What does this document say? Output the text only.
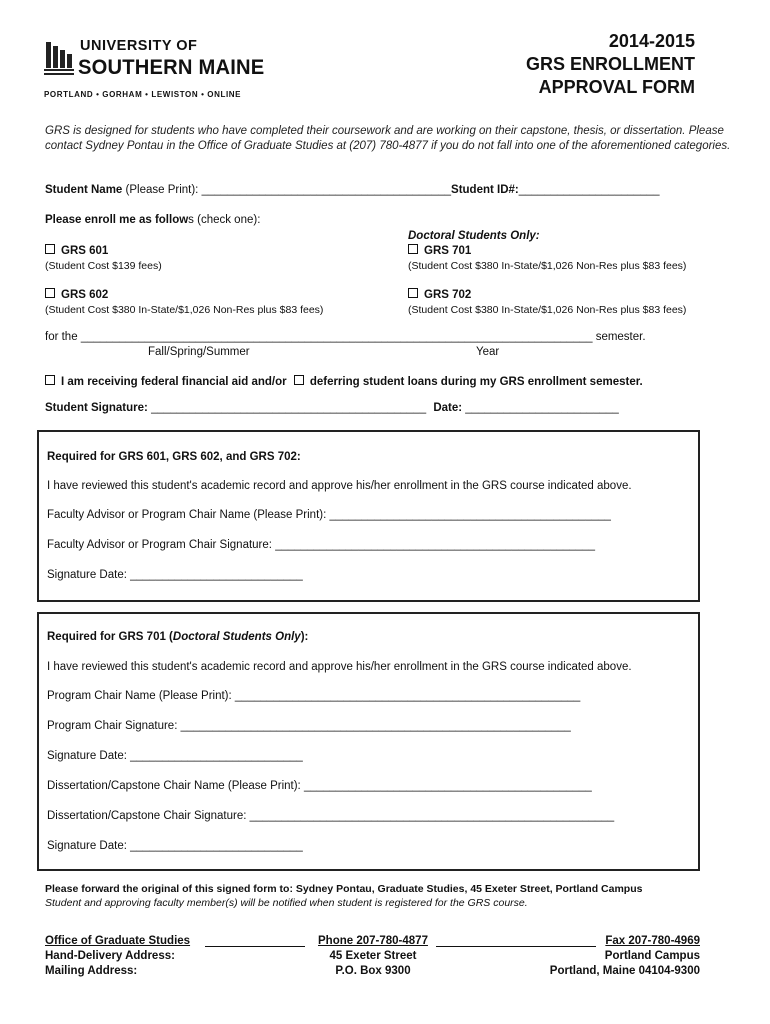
UNIVERSITY OF
SOUTHERN MAINE
PORTLAND • GORHAM • LEWISTON • ONLINE
2014-2015
GRS ENROLLMENT
APPROVAL FORM
GRS is designed for students who have completed their coursework and are working on their capstone, thesis, or dissertation. Please contact Sydney Pontau in the Office of Graduate Studies at (207) 780-4877 if you do not fall into one of the aforementioned categories.
Student Name (Please Print): _______________________________________Student ID#:______________________
Please enroll me as follows (check one):
Doctoral Students Only:
GRS 601
(Student Cost $139 fees)
GRS 701
(Student Cost $380 In-State/$1,026 Non-Res plus $83 fees)
GRS 602
(Student Cost $380 In-State/$1,026 Non-Res plus $83 fees)
GRS 702
(Student Cost $380 In-State/$1,026 Non-Res plus $83 fees)
for the ________________________________________________________________________________ semester.
Fall/Spring/Summer	Year
I am receiving federal financial aid and/or deferring student loans during my GRS enrollment semester.
Student Signature: ___________________________________________ Date: ________________________
Required for GRS 601, GRS 602, and GRS 702:
I have reviewed this student's academic record and approve his/her enrollment in the GRS course indicated above.
Faculty Advisor or Program Chair Name (Please Print): ____________________________________________
Faculty Advisor or Program Chair Signature: __________________________________________________
Signature Date: ___________________________
Required for GRS 701 (Doctoral Students Only):
I have reviewed this student's academic record and approve his/her enrollment in the GRS course indicated above.
Program Chair Name (Please Print): ______________________________________________________
Program Chair Signature: _____________________________________________________________
Signature Date: ___________________________
Dissertation/Capstone Chair Name (Please Print): _____________________________________________
Dissertation/Capstone Chair Signature: _________________________________________________________
Signature Date: ___________________________
Please forward the original of this signed form to: Sydney Pontau, Graduate Studies, 45 Exeter Street, Portland Campus
Student and approving faculty member(s) will be notified when student is registered for the GRS course.
Office of Graduate Studies
Hand-Delivery Address:
Mailing Address:
Phone 207-780-4877
45 Exeter Street
P.O. Box 9300
Fax 207-780-4969
Portland Campus
Portland, Maine 04104-9300
